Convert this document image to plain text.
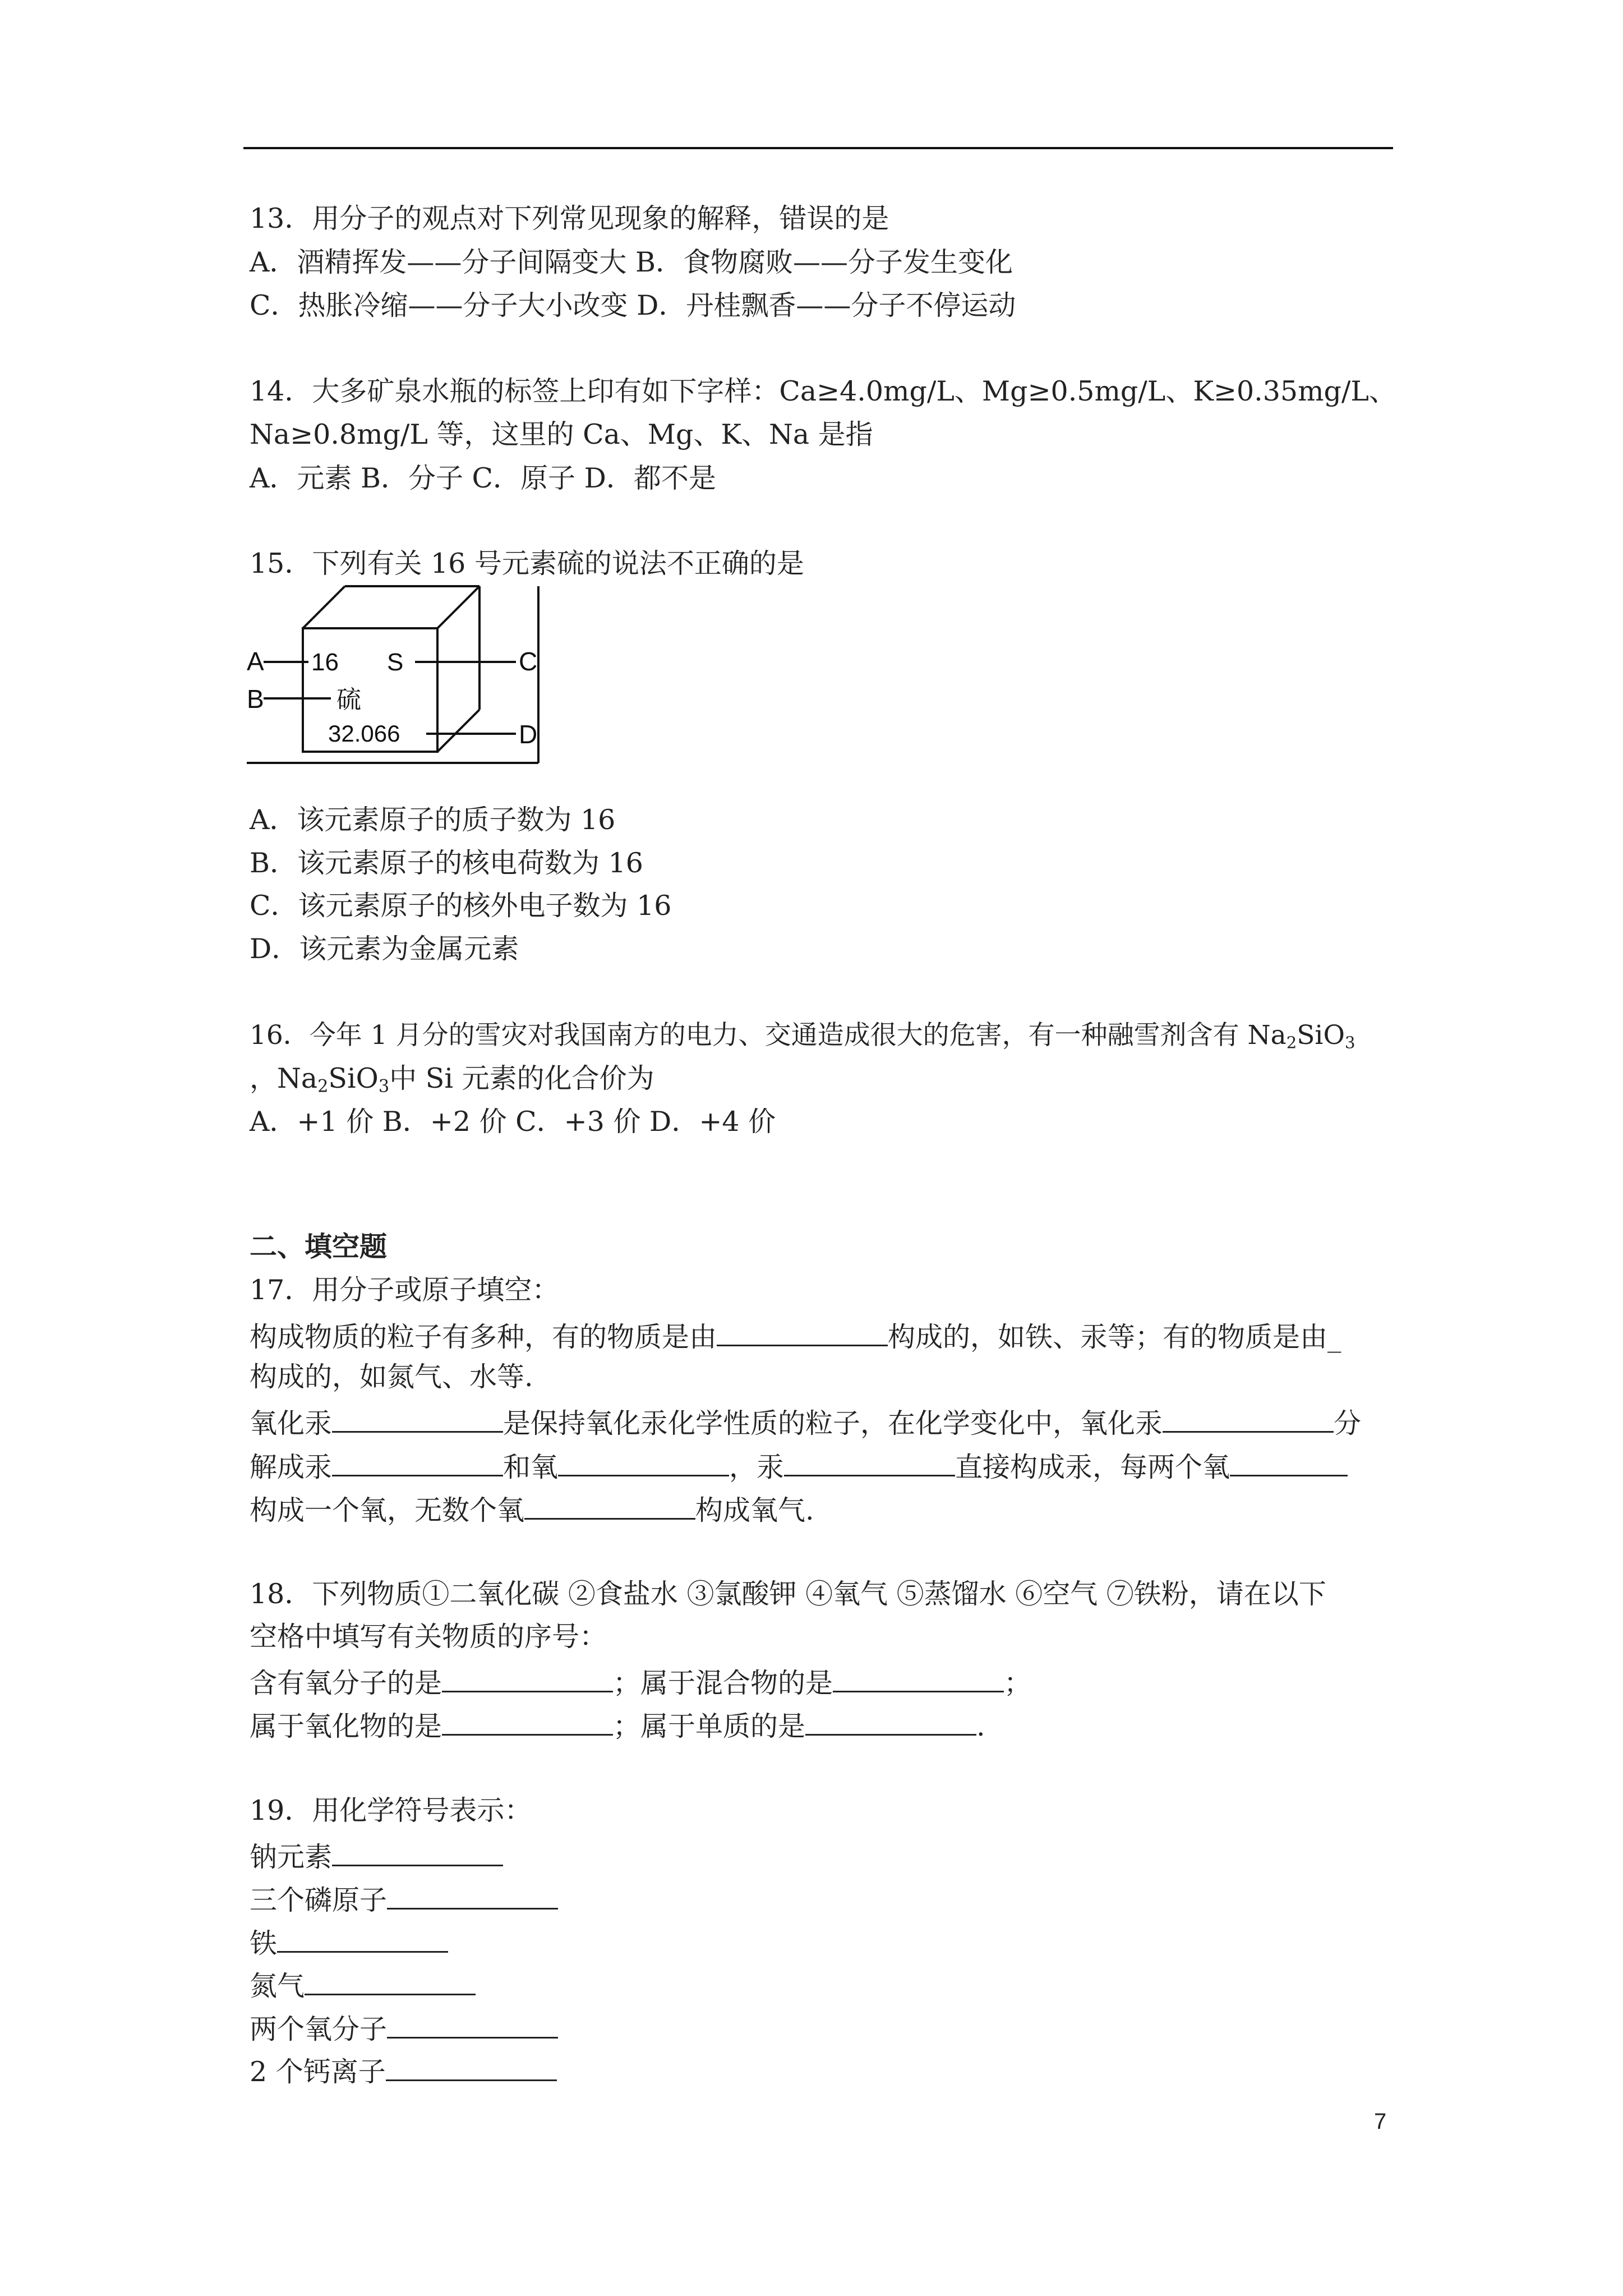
13．用分子的观点对下列常见现象的解释，错误的是
A．酒精挥发——分子间隔变大 B．食物腐败——分子发生变化
C．热胀冷缩——分子大小改变 D．丹桂飘香——分子不停运动
14．大多矿泉水瓶的标签上印有如下字样：Ca≥4.0mg/L、Mg≥0.5mg/L、K≥0.35mg/L、
Na≥0.8mg/L 等，这里的 Ca、Mg、K、Na 是指
A．元素 B．分子 C．原子 D．都不是
15．下列有关 16 号元素硫的说法不正确的是
A
B
C
D
16 S
硫
32.066
A．该元素原子的质子数为 16
B．该元素原子的核电荷数为 16
C．该元素原子的核外电子数为 16
D．该元素为金属元素
16．今年 1 月分的雪灾对我国南方的电力、交通造成很大的危害，有一种融雪剂含有 $Na_2SiO_3$
，$Na_2SiO_3$中 Si 元素的化合价为
A．+1 价 B．+2 价 C．+3 价 D．+4 价
二、填空题
17．用分子或原子填空：
构成物质的粒子有多种，有的物质是由	构成的，如铁、汞等；有的物质是由_
构成的，如氮气、水等.
氧化汞	是保持氧化汞化学性质的粒子，在化学变化中，氧化汞	分
解成汞	和氧	，汞	直接构成汞，每两个氧
构成一个氧，无数个氧	构成氧气.
18．下列物质①二氧化碳 ②食盐水 ③氯酸钾 ④氧气 ⑤蒸馏水 ⑥空气 ⑦铁粉，请在以下
空格中填写有关物质的序号：
含有氧分子的是	；属于混合物的是	；
属于氧化物的是	；属于单质的是	.
19．用化学符号表示：
钠元素
三个磷原子
铁
氮气
两个氧分子
2 个钙离子
7
